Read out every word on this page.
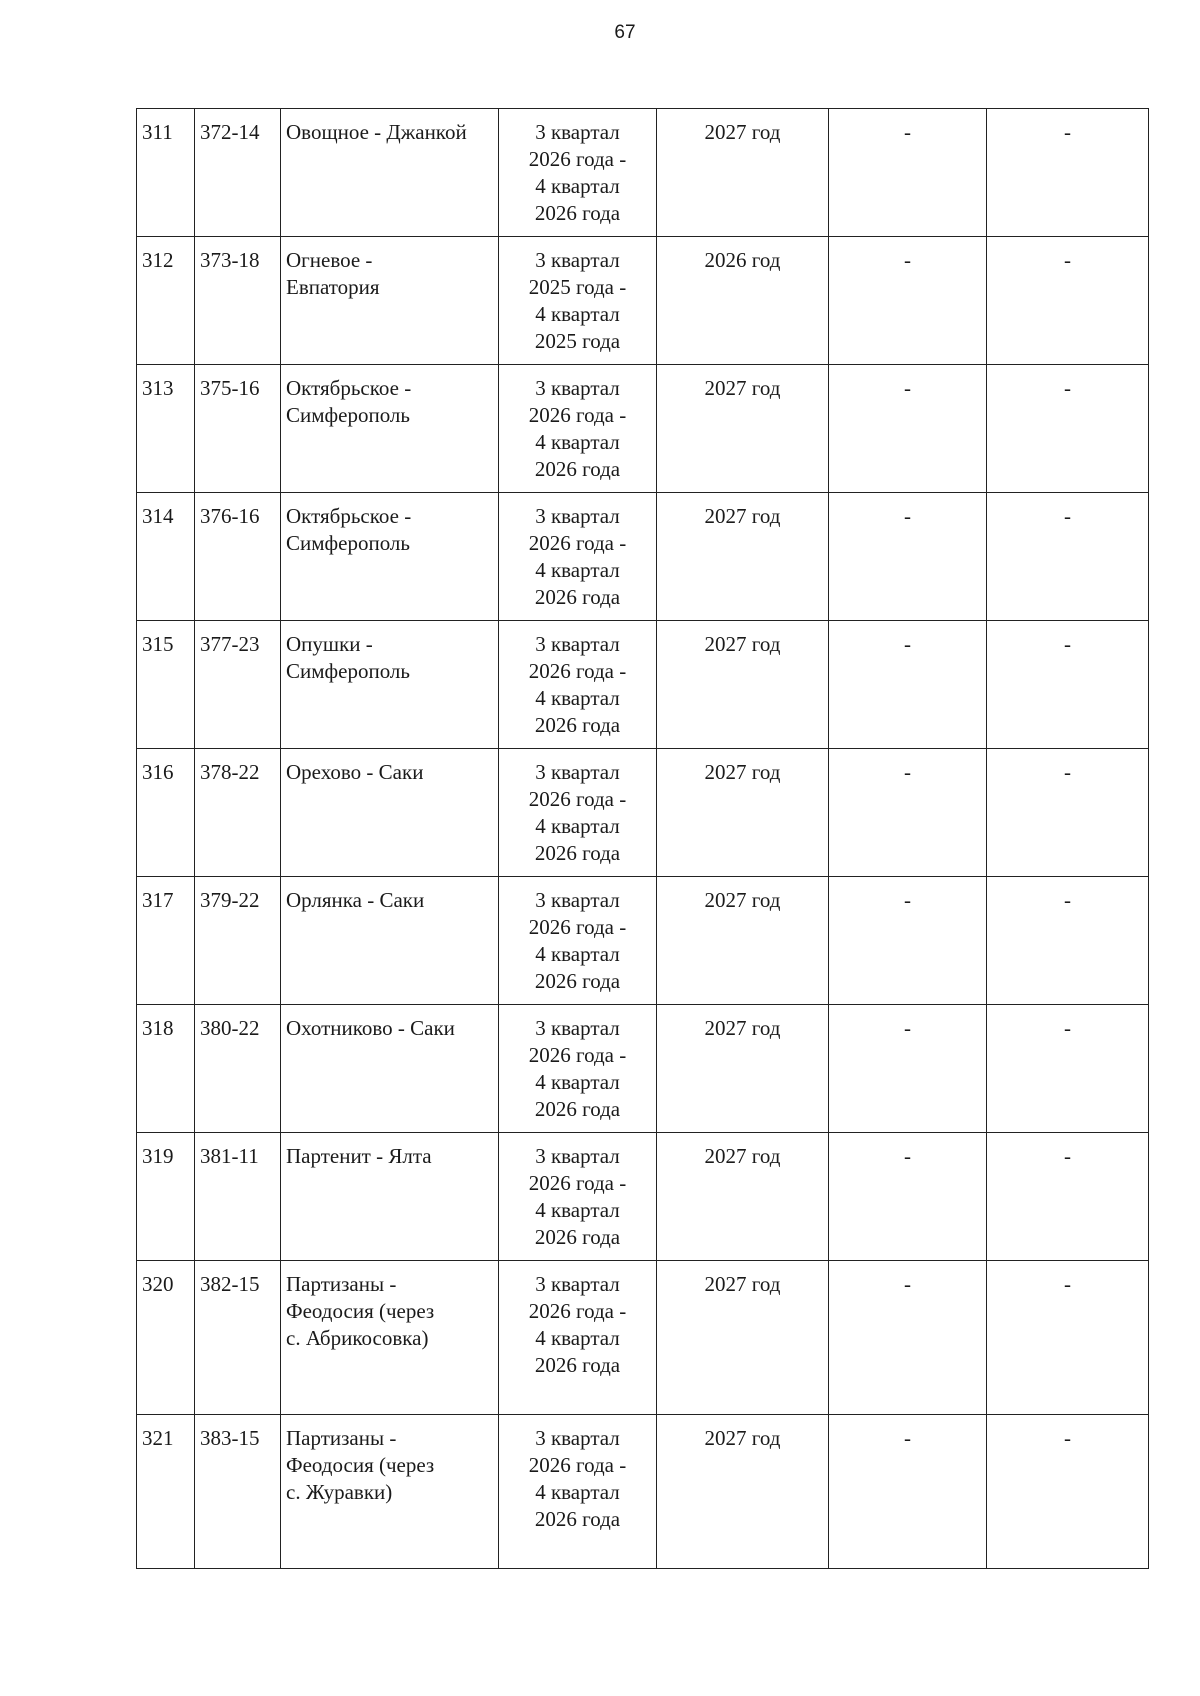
67
311	372-14	Овощное - Джанкой	3 квартал
2026 года -
4 квартал
2026 года	2027 год	-	-
312	373-18	Огневое -
Евпатория	3 квартал
2025 года -
4 квартал
2025 года	2026 год	-	-
313	375-16	Октябрьское -
Симферополь	3 квартал
2026 года -
4 квартал
2026 года	2027 год	-	-
314	376-16	Октябрьское -
Симферополь	3 квартал
2026 года -
4 квартал
2026 года	2027 год	-	-
315	377-23	Опушки -
Симферополь	3 квартал
2026 года -
4 квартал
2026 года	2027 год	-	-
316	378-22	Орехово - Саки	3 квартал
2026 года -
4 квартал
2026 года	2027 год	-	-
317	379-22	Орлянка - Саки	3 квартал
2026 года -
4 квартал
2026 года	2027 год	-	-
318	380-22	Охотниково - Саки	3 квартал
2026 года -
4 квартал
2026 года	2027 год	-	-
319	381-11	Партенит - Ялта	3 квартал
2026 года -
4 квартал
2026 года	2027 год	-	-
320	382-15	Партизаны -
Феодосия (через
с. Абрикосовка)	3 квартал
2026 года -
4 квартал
2026 года	2027 год	-	-
321	383-15	Партизаны -
Феодосия (через
с. Журавки)	3 квартал
2026 года -
4 квартал
2026 года	2027 год	-	-
